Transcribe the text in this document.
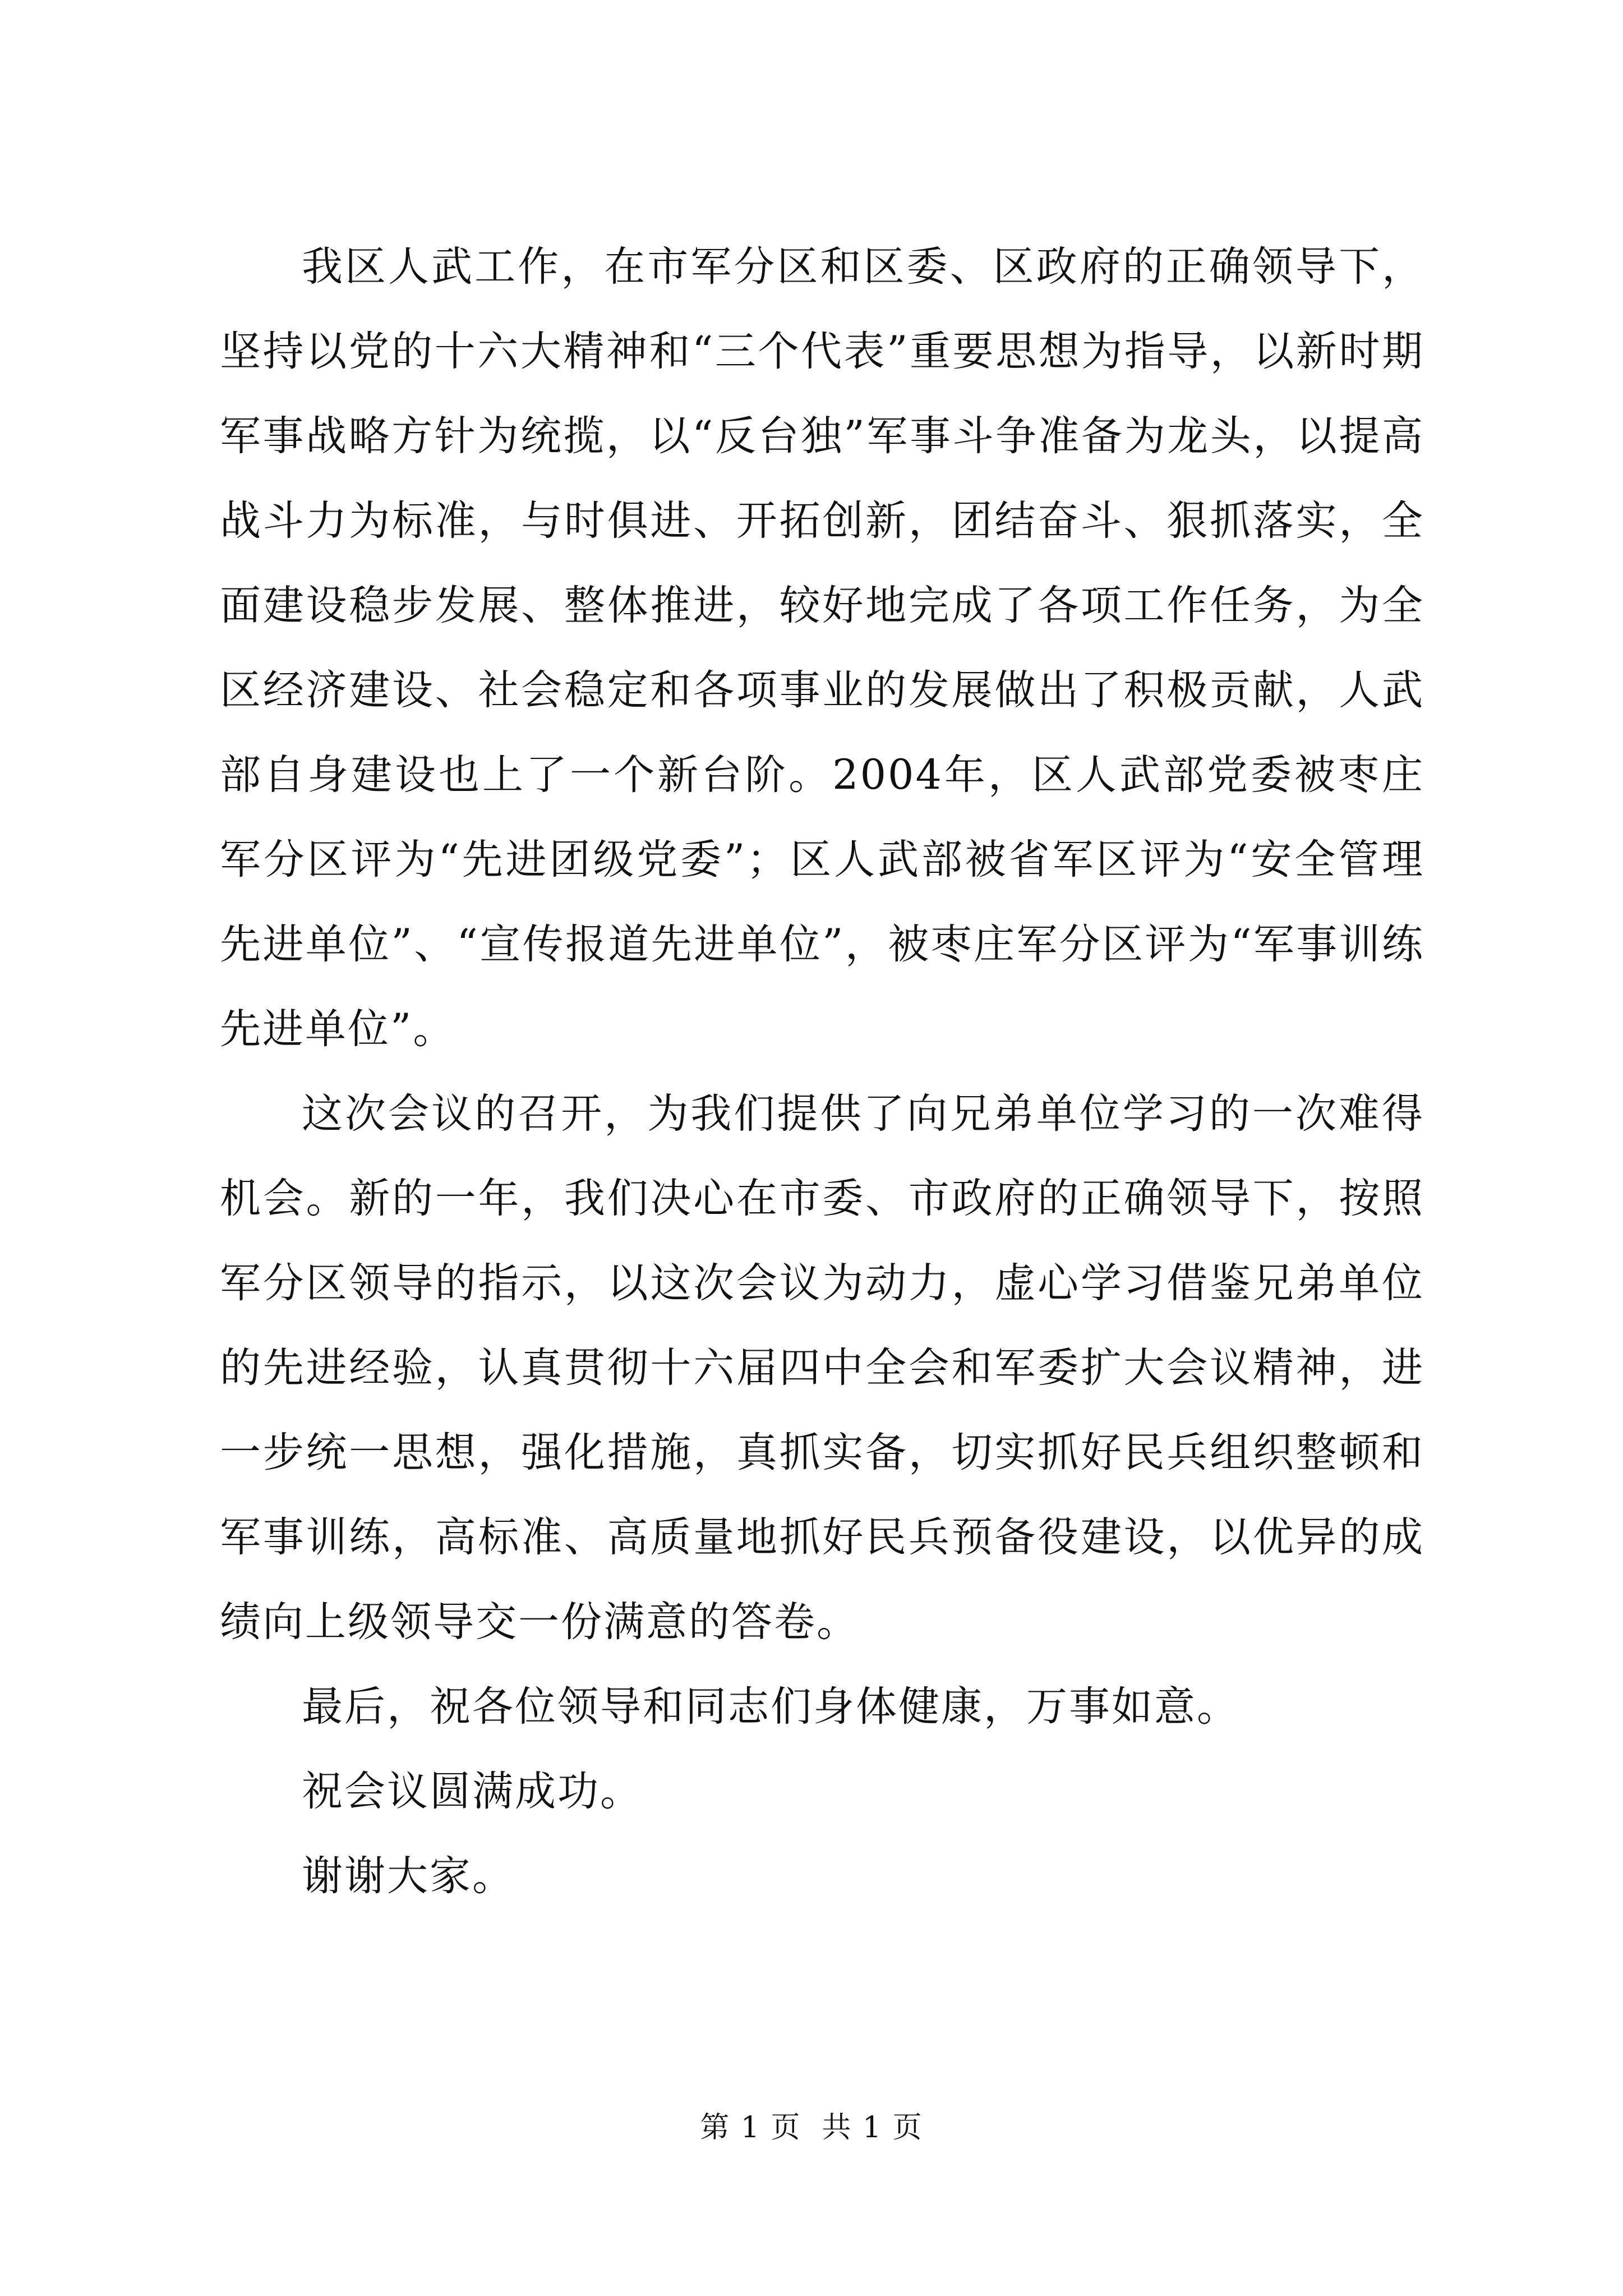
我区人武工作，在市军分区和区委、区政府的正确领导下，坚持以党的十六大精神和“三个代表”重要思想为指导，以新时期军事战略方针为统揽，以“反台独”军事斗争准备为龙头，以提高战斗力为标准，与时俱进、开拓创新，团结奋斗、狠抓落实，全面建设稳步发展、整体推进，较好地完成了各项工作任务，为全区经济建设、社会稳定和各项事业的发展做出了积极贡献，人武部自身建设也上了一个新台阶。2004年，区人武部党委被枣庄军分区评为“先进团级党委”；区人武部被省军区评为“安全管理先进单位”、“宣传报道先进单位”，被枣庄军分区评为“军事训练先进单位”。

这次会议的召开，为我们提供了向兄弟单位学习的一次难得机会。新的一年，我们决心在市委、市政府的正确领导下，按照军分区领导的指示，以这次会议为动力，虚心学习借鉴兄弟单位的先进经验，认真贯彻十六届四中全会和军委扩大会议精神，进一步统一思想，强化措施，真抓实备，切实抓好民兵组织整顿和军事训练，高标准、高质量地抓好民兵预备役建设，以优异的成绩向上级领导交一份满意的答卷。

最后，祝各位领导和同志们身体健康，万事如意。

祝会议圆满成功。

谢谢大家。

第 1 页  共 1 页
